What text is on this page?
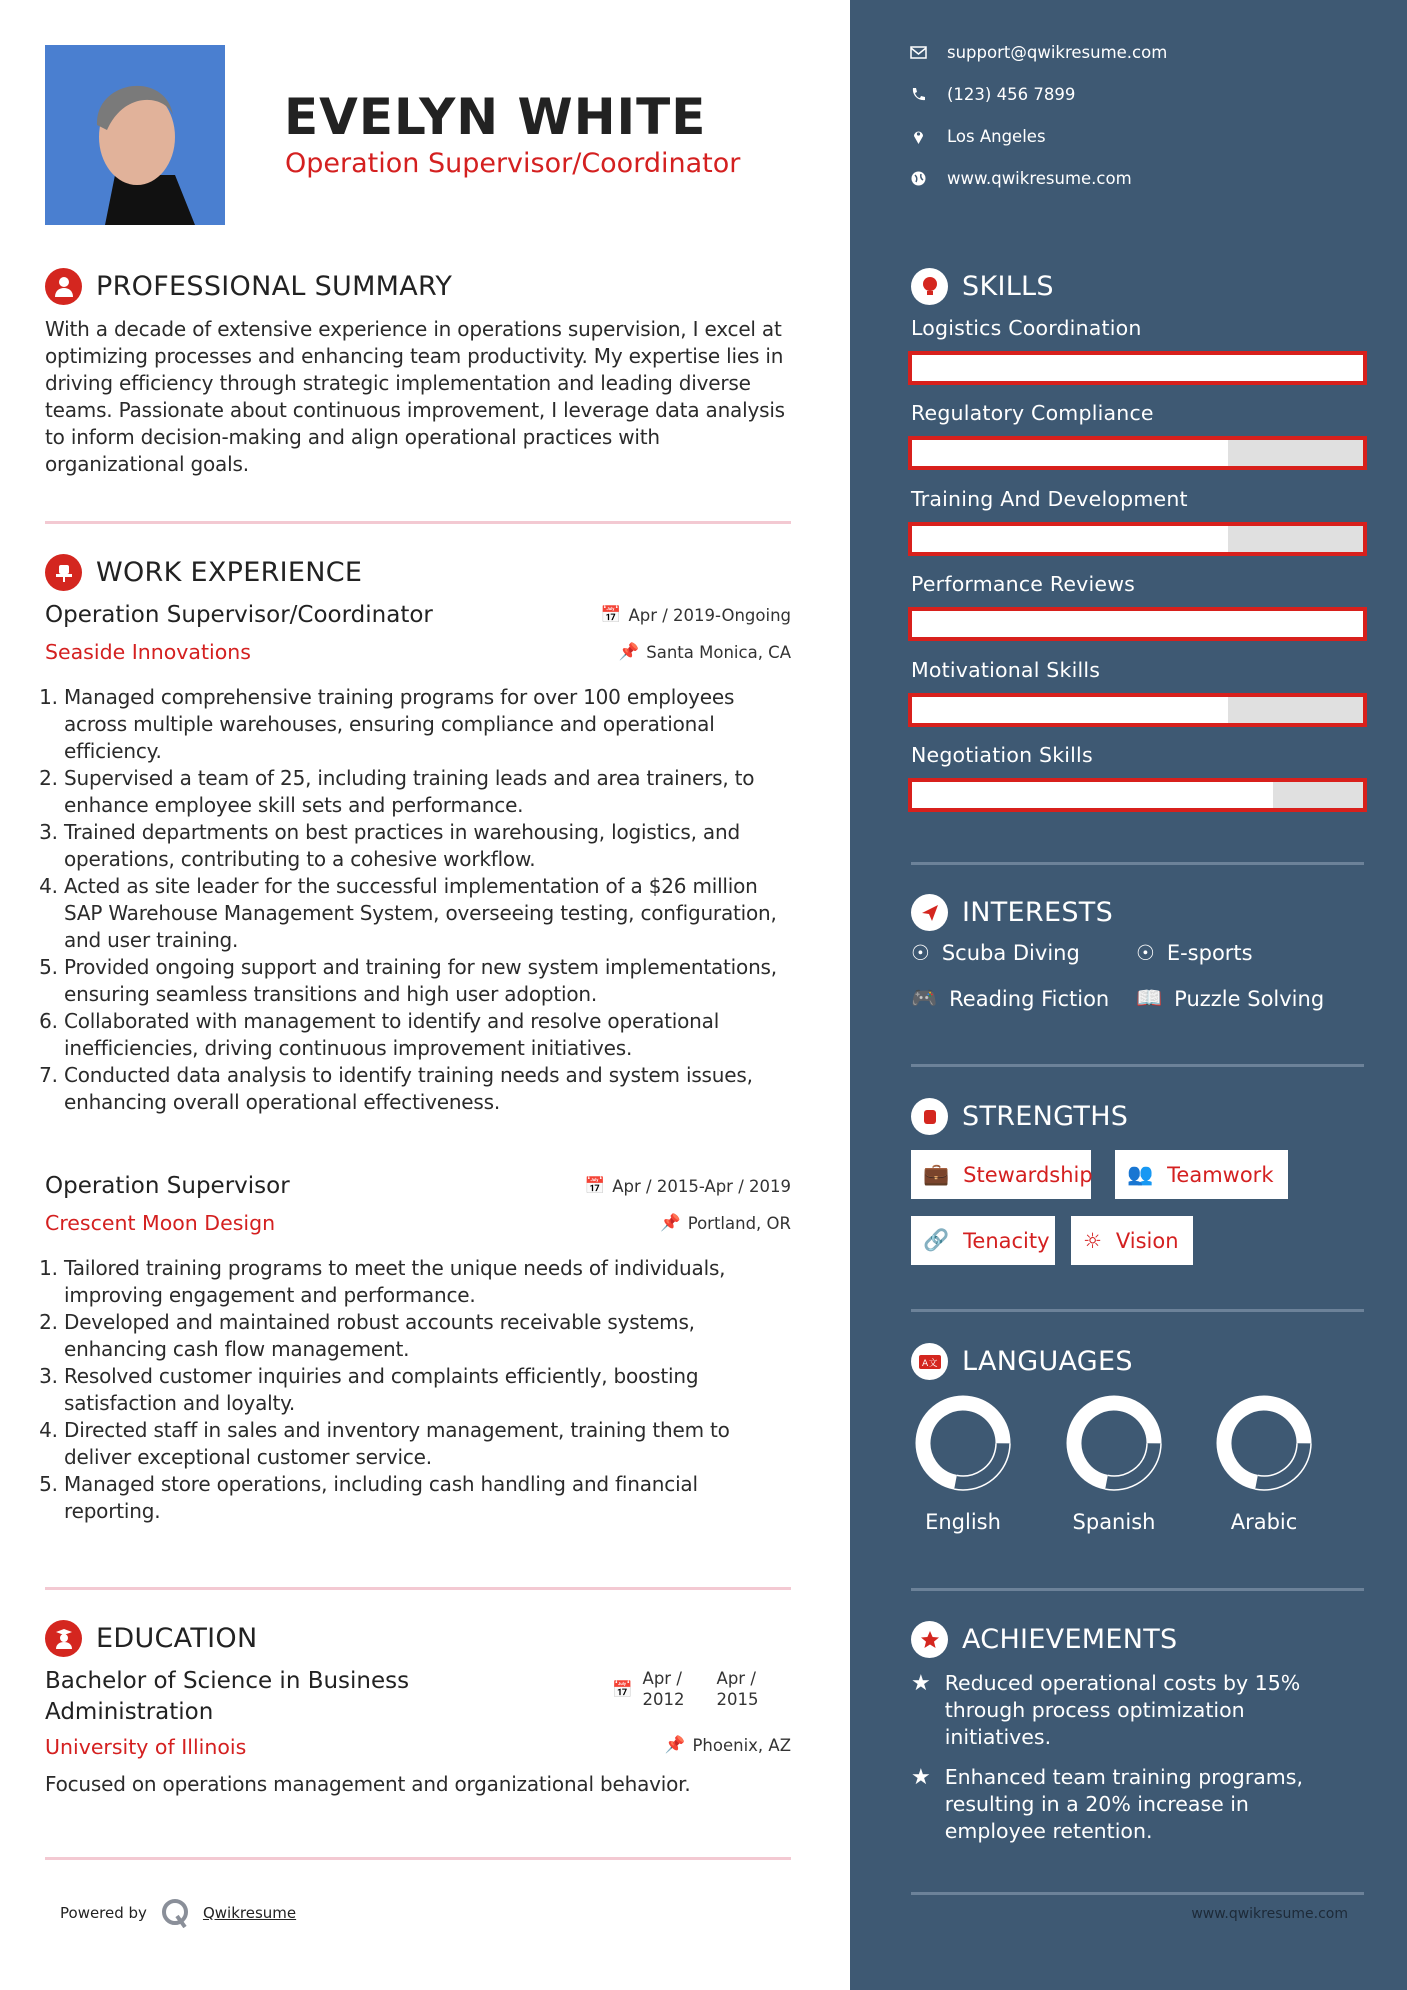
EVELYN WHITE
Operation Supervisor/Coordinator
PROFESSIONAL SUMMARY
With a decade of extensive experience in operations supervision, I excel at optimizing processes and enhancing team productivity. My expertise lies in driving efficiency through strategic implementation and leading diverse teams. Passionate about continuous improvement, I leverage data analysis to inform decision-making and align operational practices with organizational goals.
WORK EXPERIENCE
Operation Supervisor/Coordinator	📅 Apr / 2019-Ongoing
Seaside Innovations	📌 Santa Monica, CA
1. Managed comprehensive training programs for over 100 employees across multiple warehouses, ensuring compliance and operational efficiency.
2. Supervised a team of 25, including training leads and area trainers, to enhance employee skill sets and performance.
3. Trained departments on best practices in warehousing, logistics, and operations, contributing to a cohesive workflow.
4. Acted as site leader for the successful implementation of a $26 million SAP Warehouse Management System, overseeing testing, configuration, and user training.
5. Provided ongoing support and training for new system implementations, ensuring seamless transitions and high user adoption.
6. Collaborated with management to identify and resolve operational inefficiencies, driving continuous improvement initiatives.
7. Conducted data analysis to identify training needs and system issues, enhancing overall operational effectiveness.
Operation Supervisor	📅 Apr / 2015-Apr / 2019
Crescent Moon Design	📌 Portland, OR
1. Tailored training programs to meet the unique needs of individuals, improving engagement and performance.
2. Developed and maintained robust accounts receivable systems, enhancing cash flow management.
3. Resolved customer inquiries and complaints efficiently, boosting satisfaction and loyalty.
4. Directed staff in sales and inventory management, training them to deliver exceptional customer service.
5. Managed store operations, including cash handling and financial reporting.
EDUCATION
Bachelor of Science in Business Administration
📅
Apr / 2012
Apr / 2015
University of Illinois	📌 Phoenix, AZ
Focused on operations management and organizational behavior.
Powered by	Qwikresume
support@qwikresume.com
(123) 456 7899
Los Angeles
www.qwikresume.com
SKILLS
Logistics Coordination
Regulatory Compliance
Training And Development
Performance Reviews
Motivational Skills
Negotiation Skills
INTERESTS
☉ Scuba Diving	☉ E-sports
🎮 Reading Fiction 📖 Puzzle Solving
STRENGTHS
💼 Stewardship 👥 Teamwork
🔗 Tenacity ☼ Vision
A文 LANGUAGES
English	Spanish	Arabic
ACHIEVEMENTS
★ Reduced operational costs by 15% through process optimization initiatives.
★ Enhanced team training programs, resulting in a 20% increase in employee retention.
www.qwikresume.com
